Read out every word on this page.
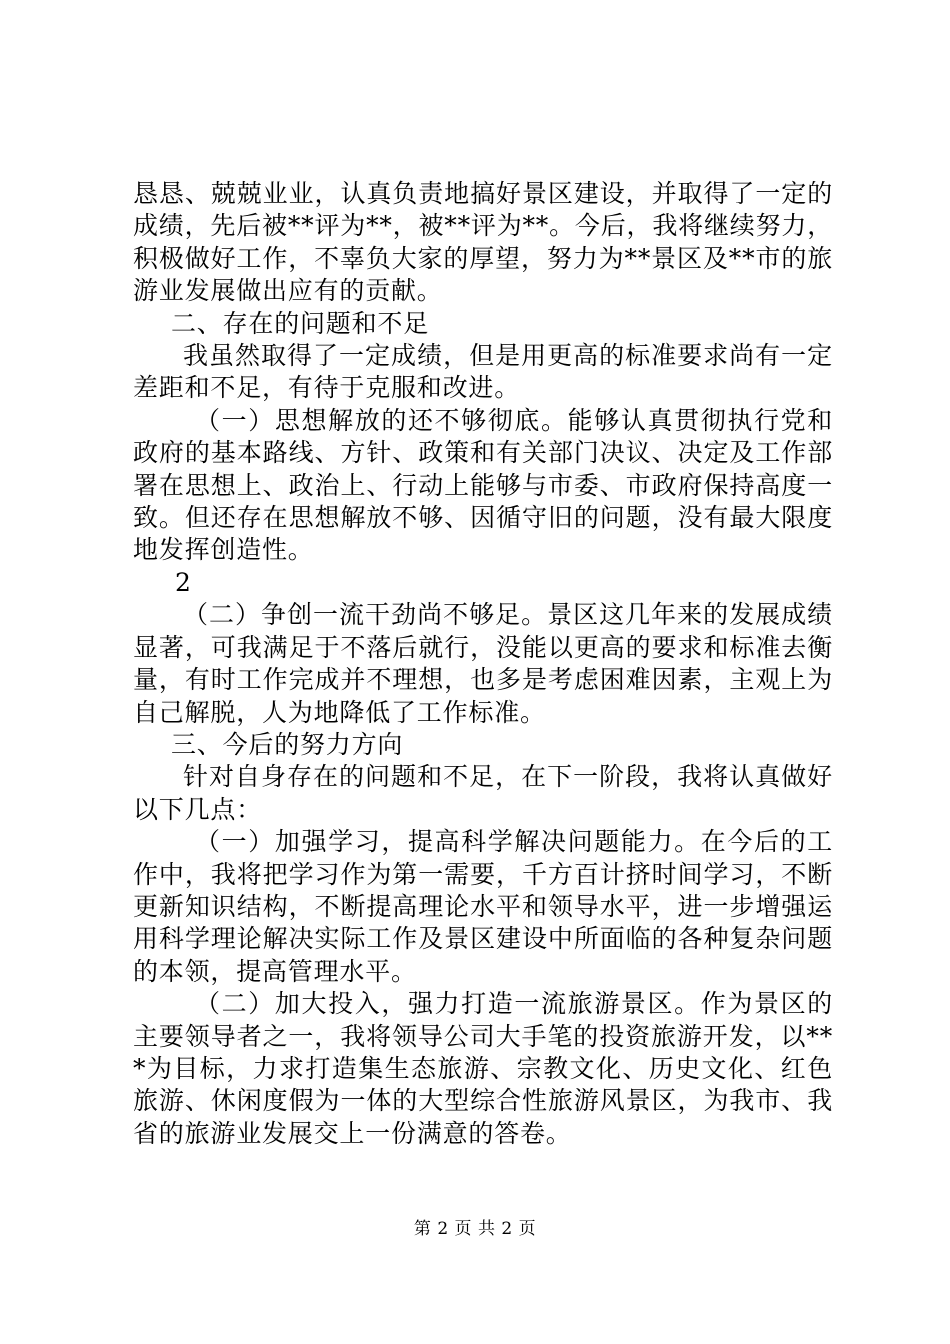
恳恳、兢兢业业，认真负责地搞好景区建设，并取得了一定的成绩，先后被**评为**，被**评为**。今后，我将继续努力，积极做好工作，不辜负大家的厚望，努力为**景区及**市的旅游业发展做出应有的贡献。

二、存在的问题和不足

我虽然取得了一定成绩，但是用更高的标准要求尚有一定差距和不足，有待于克服和改进。

（一）思想解放的还不够彻底。能够认真贯彻执行党和政府的基本路线、方针、政策和有关部门决议、决定及工作部署在思想上、政治上、行动上能够与市委、市政府保持高度一致。但还存在思想解放不够、因循守旧的问题，没有最大限度地发挥创造性。

2

（二）争创一流干劲尚不够足。景区这几年来的发展成绩显著，可我满足于不落后就行，没能以更高的要求和标准去衡量，有时工作完成并不理想，也多是考虑困难因素，主观上为自己解脱，人为地降低了工作标准。

三、今后的努力方向

针对自身存在的问题和不足，在下一阶段，我将认真做好以下几点：

（一）加强学习，提高科学解决问题能力。在今后的工作中，我将把学习作为第一需要，千方百计挤时间学习，不断更新知识结构，不断提高理论水平和领导水平，进一步增强运用科学理论解决实际工作及景区建设中所面临的各种复杂问题的本领，提高管理水平。

（二）加大投入，强力打造一流旅游景区。作为景区的主要领导者之一，我将领导公司大手笔的投资旅游开发，以***为目标，力求打造集生态旅游、宗教文化、历史文化、红色旅游、休闲度假为一体的大型综合性旅游风景区，为我市、我省的旅游业发展交上一份满意的答卷。

第 2 页 共 2 页
